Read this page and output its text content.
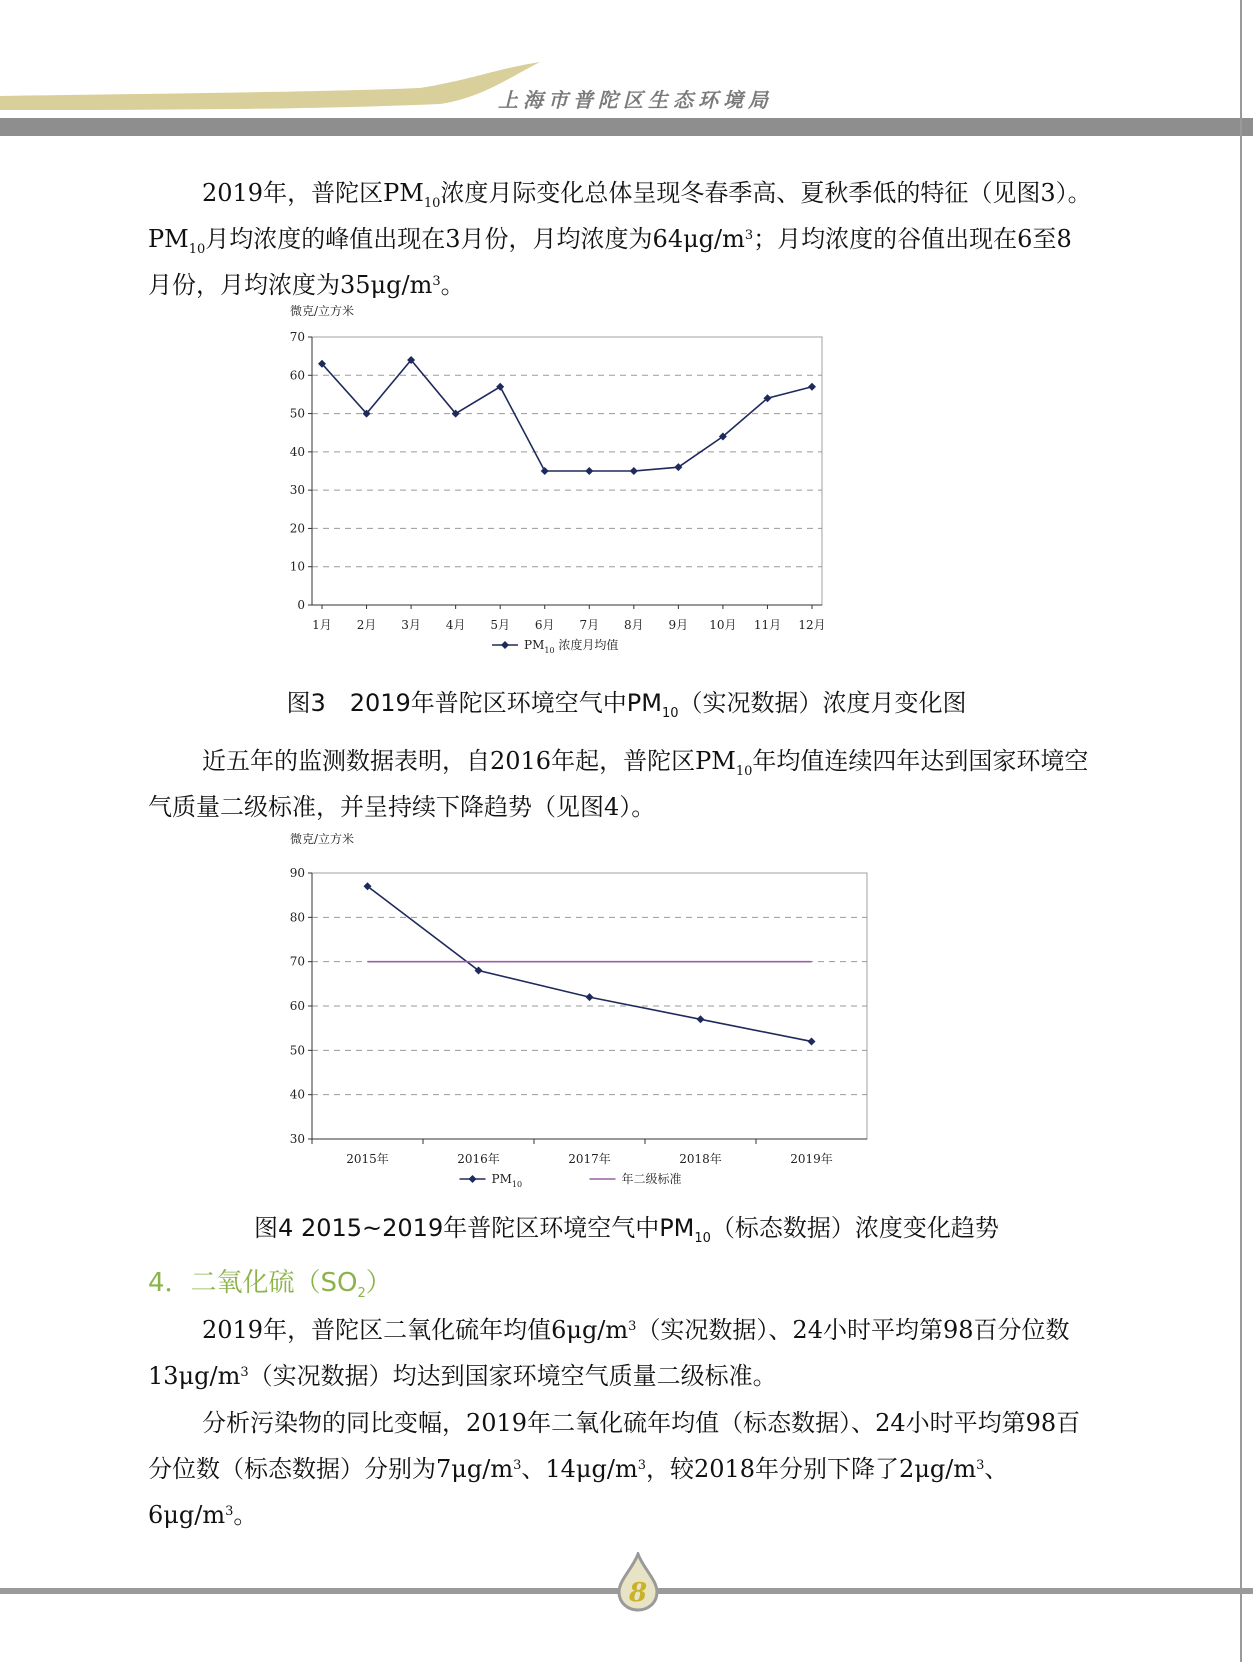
上海市普陀区生态环境局

2019年，普陀区$PM_{10}$浓度月际变化总体呈现冬春季高、夏秋季低的特征（见图3）。$PM_{10}$月均浓度的峰值出现在3月份，月均浓度为$64\mu g/m^3$；月均浓度的谷值出现在6至8月份，月均浓度为$35\mu g/m^3$。

微克/立方米
0
10
20
30
40
50
60
70
1月 2月 3月 4月 5月 6月 7月 8月 9月 10月 11月 12月
$PM_{10}$ 浓度月均值
图3　2019年普陀区环境空气中$PM_{10}$（实况数据）浓度月变化图

近五年的监测数据表明，自2016年起，普陀区$PM_{10}$年均值连续四年达到国家环境空气质量二级标准，并呈持续下降趋势（见图4）。

微克/立方米
30
40
50
60
70
80
90
2015年	2016年	2017年	2018年	2019年
$PM_{10}$	年二级标准
图4 2015~2019年普陀区环境空气中$PM_{10}$（标态数据）浓度变化趋势
4．二氧化硫$(SO_2)$

2019年，普陀区二氧化硫年均值$6\mu g/m^3$（实况数据）、24小时平均第98百分位数$13\mu g/m^3$（实况数据）均达到国家环境空气质量二级标准。

分析污染物的同比变幅，2019年二氧化硫年均值（标态数据）、24小时平均第98百分位数（标态数据）分别为$7\mu g/m^3$、$14\mu g/m^3$，较2018年分别下降了$2\mu g/m^3$、$6\mu g/m^3$。

8
